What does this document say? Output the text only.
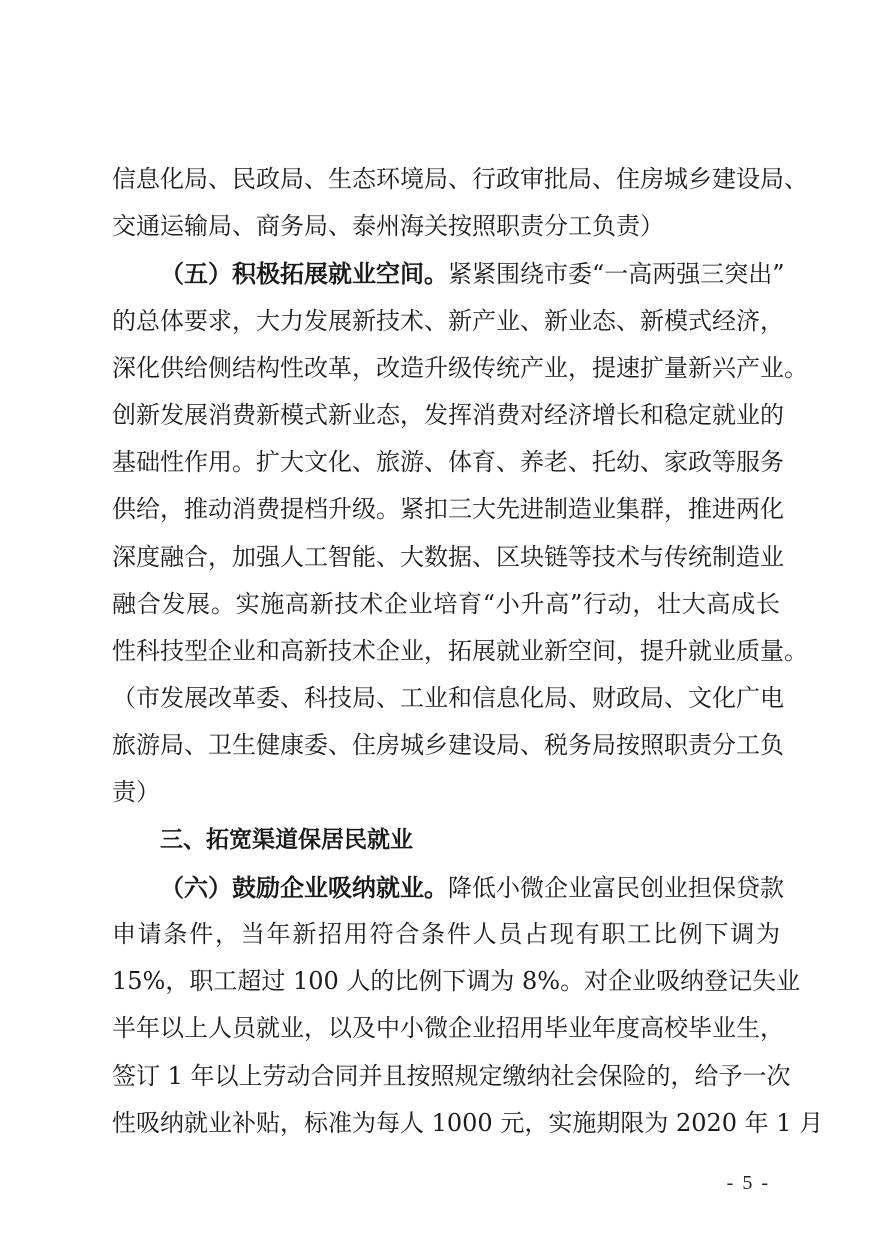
信息化局、民政局、生态环境局、行政审批局、住房城乡建设局、
交通运输局、商务局、泰州海关按照职责分工负责）
（五）积极拓展就业空间。紧紧围绕市委“一高两强三突出”
的总体要求，大力发展新技术、新产业、新业态、新模式经济，
深化供给侧结构性改革，改造升级传统产业，提速扩量新兴产业。
创新发展消费新模式新业态，发挥消费对经济增长和稳定就业的
基础性作用。扩大文化、旅游、体育、养老、托幼、家政等服务
供给，推动消费提档升级。紧扣三大先进制造业集群，推进两化
深度融合，加强人工智能、大数据、区块链等技术与传统制造业
融合发展。实施高新技术企业培育“小升高”行动，壮大高成长
性科技型企业和高新技术企业，拓展就业新空间，提升就业质量。
（市发展改革委、科技局、工业和信息化局、财政局、文化广电
旅游局、卫生健康委、住房城乡建设局、税务局按照职责分工负
责）
三、拓宽渠道保居民就业
（六）鼓励企业吸纳就业。降低小微企业富民创业担保贷款
申请条件，当年新招用符合条件人员占现有职工比例下调为
15%，职工超过 100 人的比例下调为 8%。对企业吸纳登记失业
半年以上人员就业，以及中小微企业招用毕业年度高校毕业生，
签订 1 年以上劳动合同并且按照规定缴纳社会保险的，给予一次
性吸纳就业补贴，标准为每人 1000 元，实施期限为 2020 年 1 月
- 5 -
